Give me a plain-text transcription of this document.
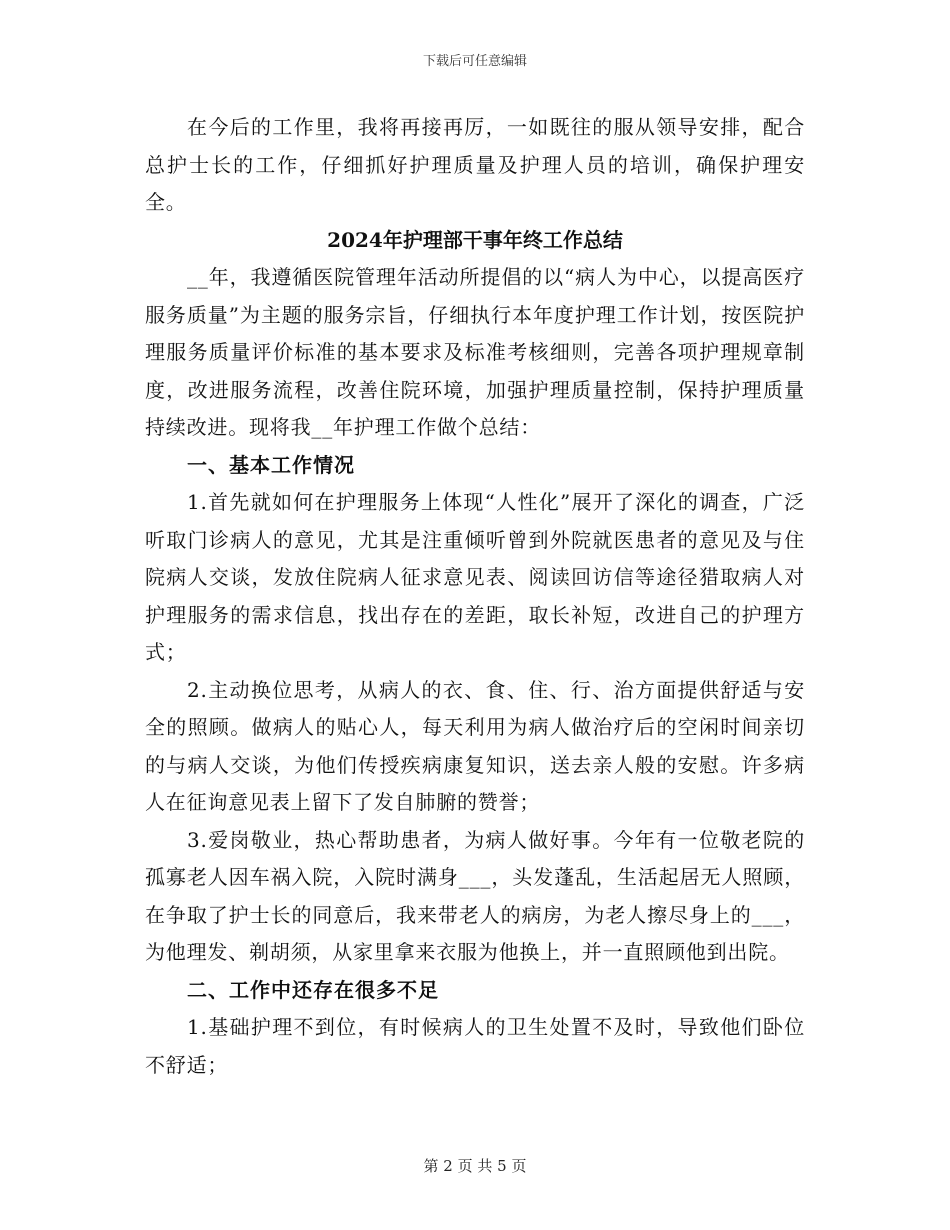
下载后可任意编辑

在今后的工作里，我将再接再厉，一如既往的服从领导安排，配合总护士长的工作，仔细抓好护理质量及护理人员的培训，确保护理安全。

2024年护理部干事年终工作总结

__年，我遵循医院管理年活动所提倡的以“病人为中心，以提高医疗服务质量”为主题的服务宗旨，仔细执行本年度护理工作计划，按医院护理服务质量评价标准的基本要求及标准考核细则，完善各项护理规章制度，改进服务流程，改善住院环境，加强护理质量控制，保持护理质量持续改进。现将我__年护理工作做个总结：

一、基本工作情况

1.首先就如何在护理服务上体现“人性化”展开了深化的调查，广泛听取门诊病人的意见，尤其是注重倾听曾到外院就医患者的意见及与住院病人交谈，发放住院病人征求意见表、阅读回访信等途径猎取病人对护理服务的需求信息，找出存在的差距，取长补短，改进自己的护理方式；

2.主动换位思考，从病人的衣、食、住、行、治方面提供舒适与安全的照顾。做病人的贴心人，每天利用为病人做治疗后的空闲时间亲切的与病人交谈，为他们传授疾病康复知识，送去亲人般的安慰。许多病人在征询意见表上留下了发自肺腑的赞誉；

3.爱岗敬业，热心帮助患者，为病人做好事。今年有一位敬老院的孤寡老人因车祸入院，入院时满身___，头发蓬乱，生活起居无人照顾，在争取了护士长的同意后，我来带老人的病房，为老人擦尽身上的___，为他理发、剃胡须，从家里拿来衣服为他换上，并一直照顾他到出院。

二、工作中还存在很多不足

1.基础护理不到位，有时候病人的卫生处置不及时，导致他们卧位不舒适；

第 2 页 共 5 页
